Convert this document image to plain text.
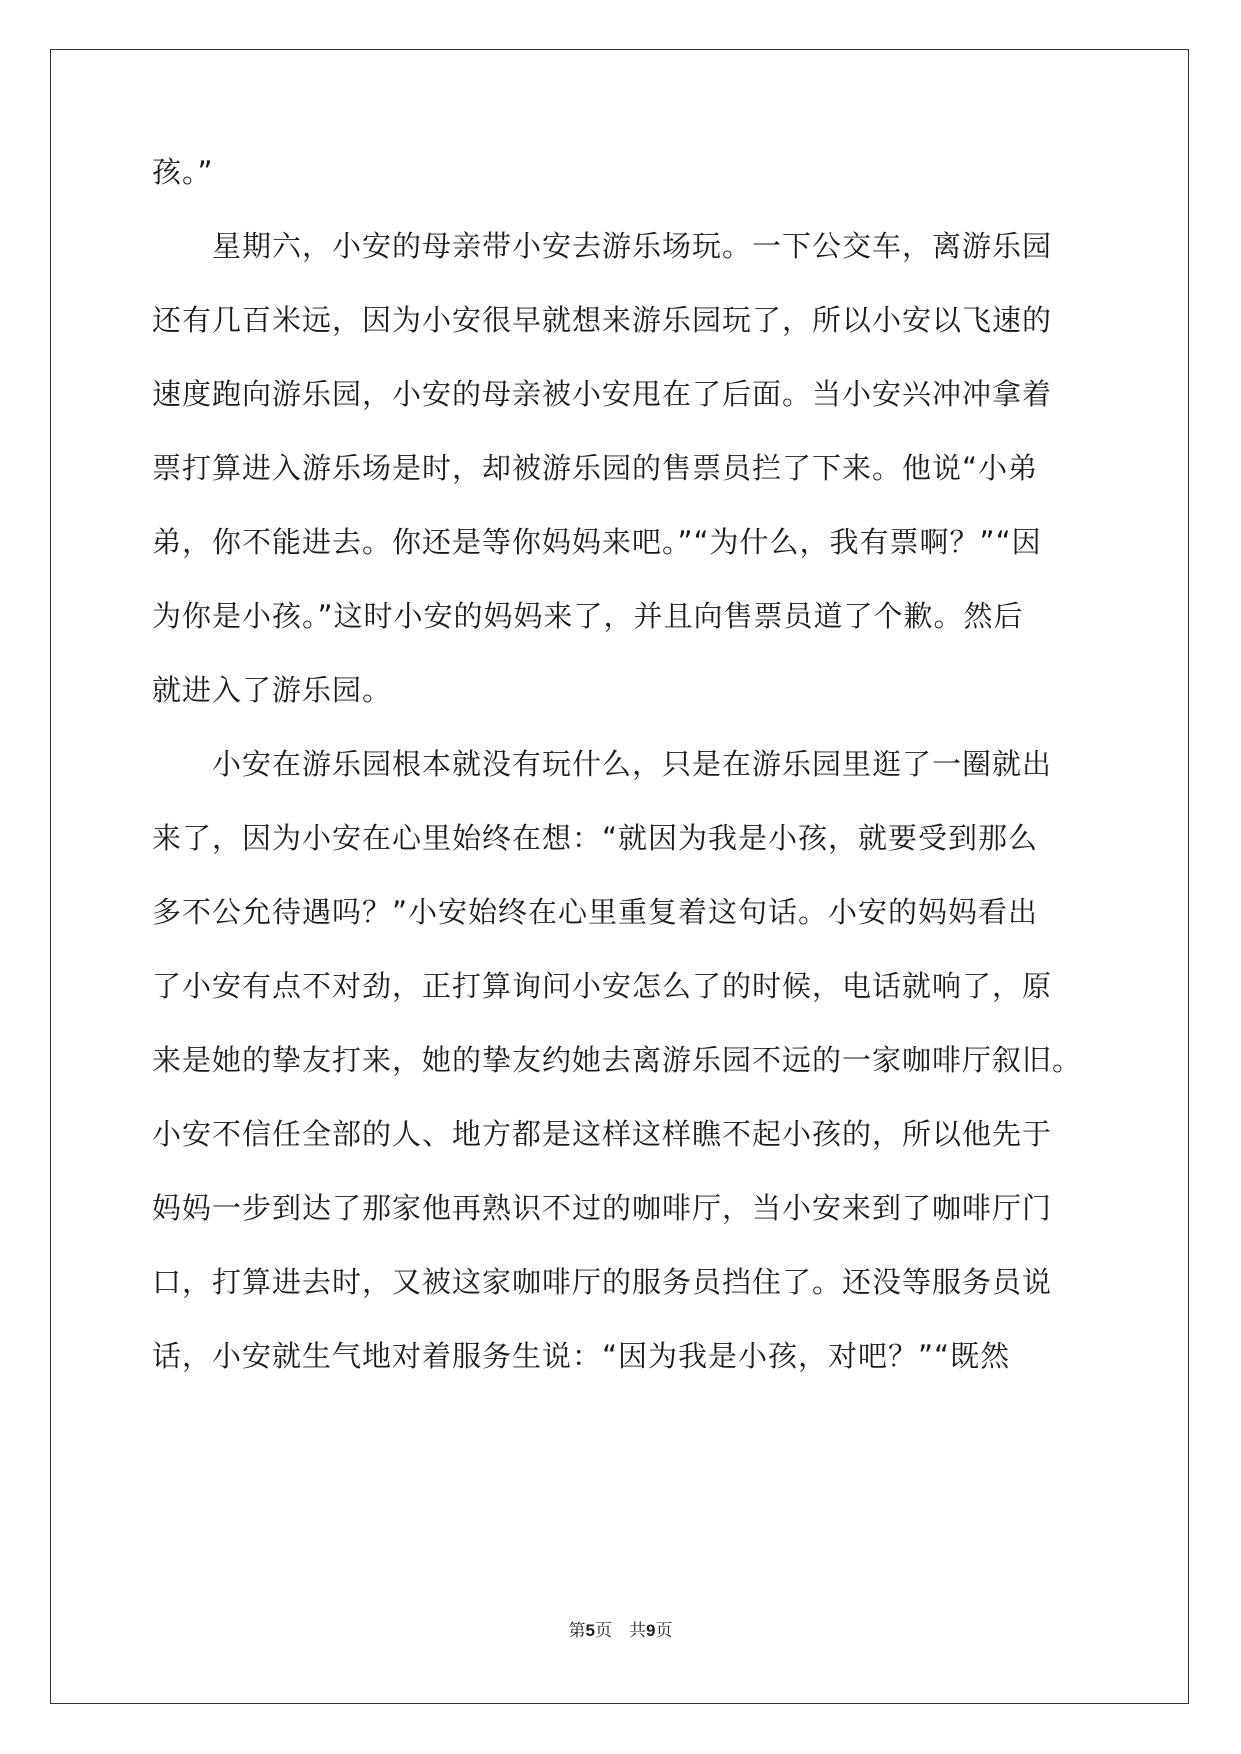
孩。”
　　星期六，小安的母亲带小安去游乐场玩。一下公交车，离游乐园
还有几百米远，因为小安很早就想来游乐园玩了，所以小安以飞速的
速度跑向游乐园，小安的母亲被小安甩在了后面。当小安兴冲冲拿着
票打算进入游乐场是时，却被游乐园的售票员拦了下来。他说“小弟
弟，你不能进去。你还是等你妈妈来吧。”“为什么，我有票啊？”“因
为你是小孩。”这时小安的妈妈来了，并且向售票员道了个歉。然后
就进入了游乐园。
　　小安在游乐园根本就没有玩什么，只是在游乐园里逛了一圈就出
来了，因为小安在心里始终在想：“就因为我是小孩，就要受到那么
多不公允待遇吗？”小安始终在心里重复着这句话。小安的妈妈看出
了小安有点不对劲，正打算询问小安怎么了的时候，电话就响了，原
来是她的挚友打来，她的挚友约她去离游乐园不远的一家咖啡厅叙旧。
小安不信任全部的人、地方都是这样这样瞧不起小孩的，所以他先于
妈妈一步到达了那家他再熟识不过的咖啡厅，当小安来到了咖啡厅门
口，打算进去时，又被这家咖啡厅的服务员挡住了。还没等服务员说
话，小安就生气地对着服务生说：“因为我是小孩，对吧？”“既然
第5页　共9页
